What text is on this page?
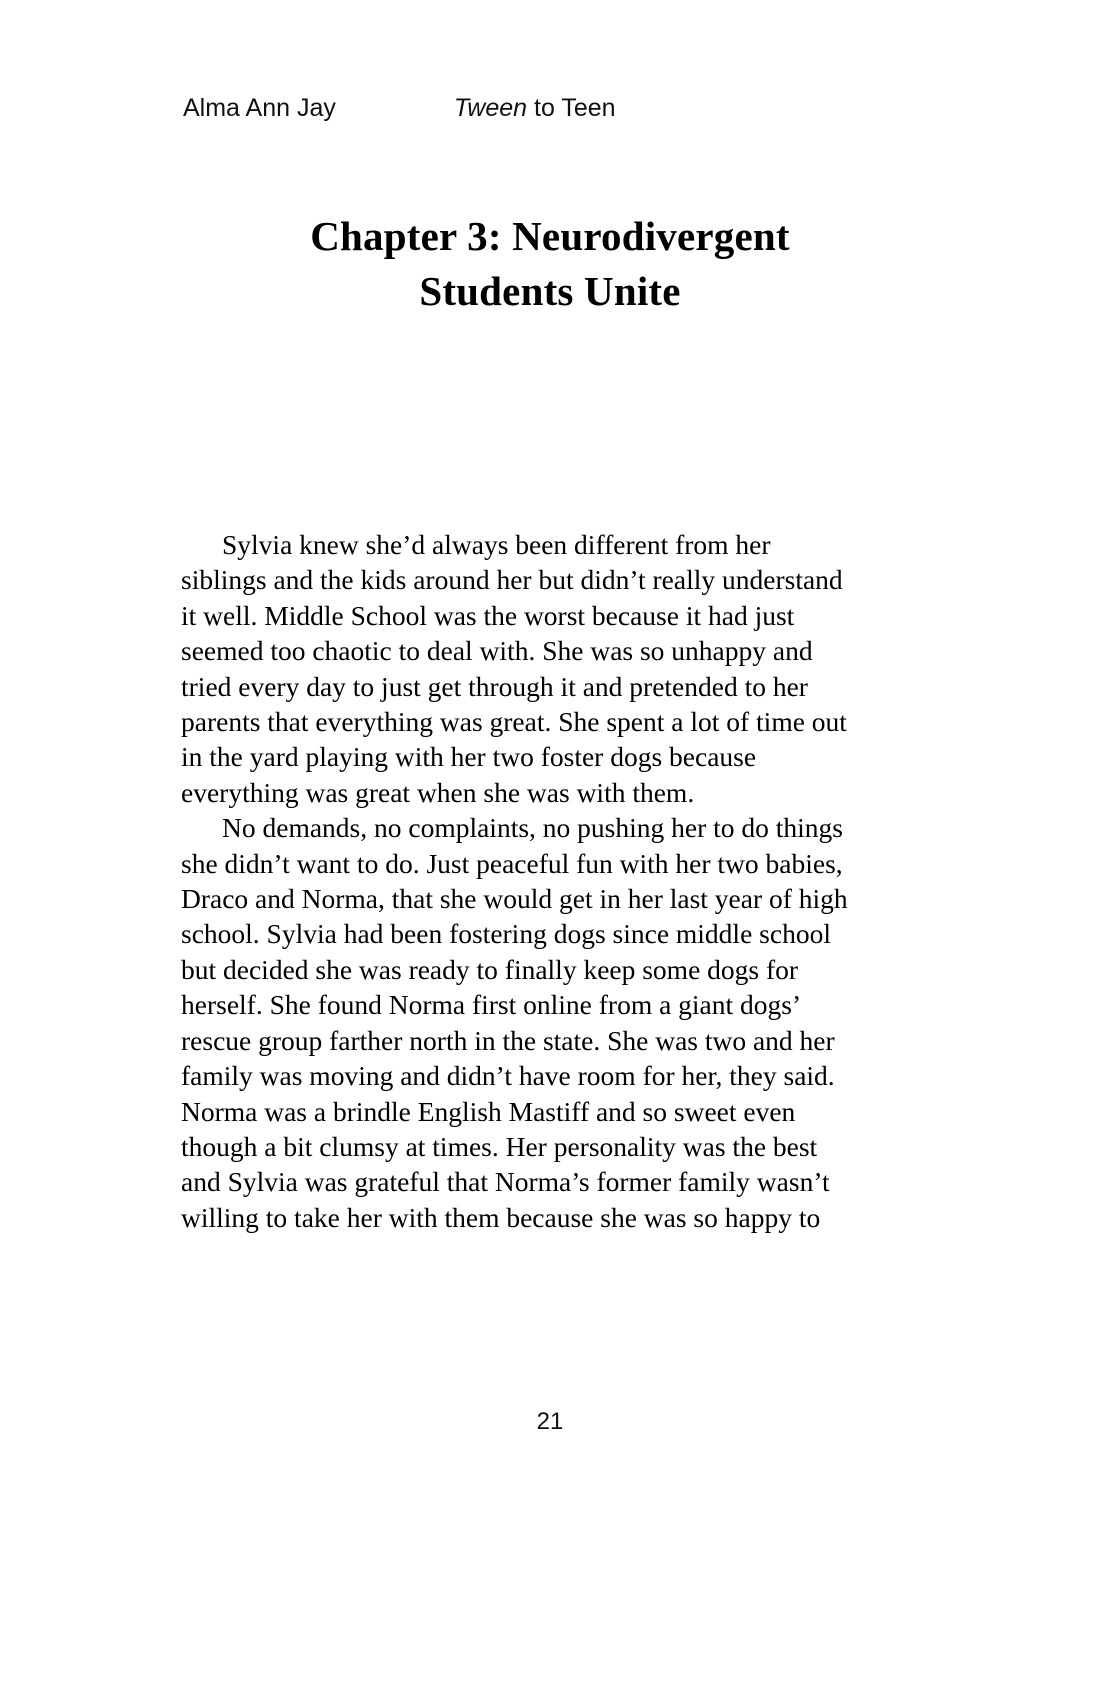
Alma Ann Jay	Tween to Teen
Chapter 3: Neurodivergent
Students Unite

Sylvia knew she’d always been different from her siblings and the kids around her but didn’t really understand it well. Middle School was the worst because it had just seemed too chaotic to deal with. She was so unhappy and tried every day to just get through it and pretended to her parents that everything was great. She spent a lot of time out in the yard playing with her two foster dogs because everything was great when she was with them.

No demands, no complaints, no pushing her to do things she didn’t want to do. Just peaceful fun with her two babies, Draco and Norma, that she would get in her last year of high school. Sylvia had been fostering dogs since middle school but decided she was ready to finally keep some dogs for herself. She found Norma first online from a giant dogs’ rescue group farther north in the state. She was two and her family was moving and didn’t have room for her, they said. Norma was a brindle English Mastiff and so sweet even though a bit clumsy at times. Her personality was the best and Sylvia was grateful that Norma’s former family wasn’t willing to take her with them because she was so happy to

21
